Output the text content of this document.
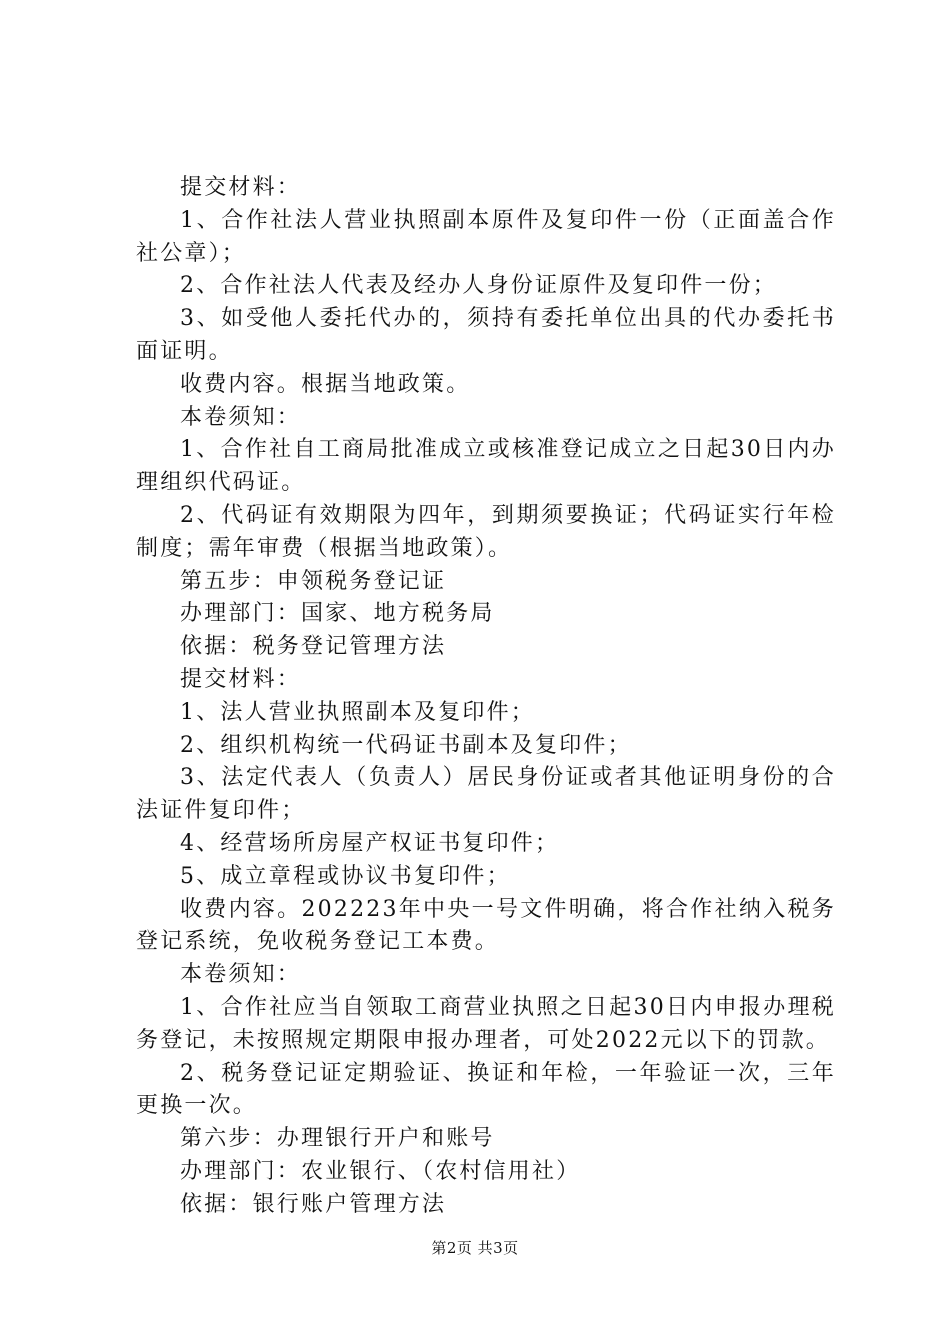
提交材料：

1、合作社法人营业执照副本原件及复印件一份（正面盖合作社公章）；

2、合作社法人代表及经办人身份证原件及复印件一份；

3、如受他人委托代办的，须持有委托单位出具的代办委托书面证明。

收费内容。根据当地政策。

本卷须知：

1、合作社自工商局批准成立或核准登记成立之日起30日内办理组织代码证。

2、代码证有效期限为四年，到期须要换证；代码证实行年检制度；需年审费（根据当地政策）。

第五步：申领税务登记证

办理部门：国家、地方税务局

依据：税务登记管理方法

提交材料：

1、法人营业执照副本及复印件；

2、组织机构统一代码证书副本及复印件；

3、法定代表人（负责人）居民身份证或者其他证明身份的合法证件复印件；

4、经营场所房屋产权证书复印件；

5、成立章程或协议书复印件；

收费内容。202223年中央一号文件明确，将合作社纳入税务登记系统，免收税务登记工本费。

本卷须知：

1、合作社应当自领取工商营业执照之日起30日内申报办理税务登记，未按照规定期限申报办理者，可处2022元以下的罚款。

2、税务登记证定期验证、换证和年检，一年验证一次，三年更换一次。

第六步：办理银行开户和账号

办理部门：农业银行、（农村信用社）

依据：银行账户管理方法

第2页 共3页
